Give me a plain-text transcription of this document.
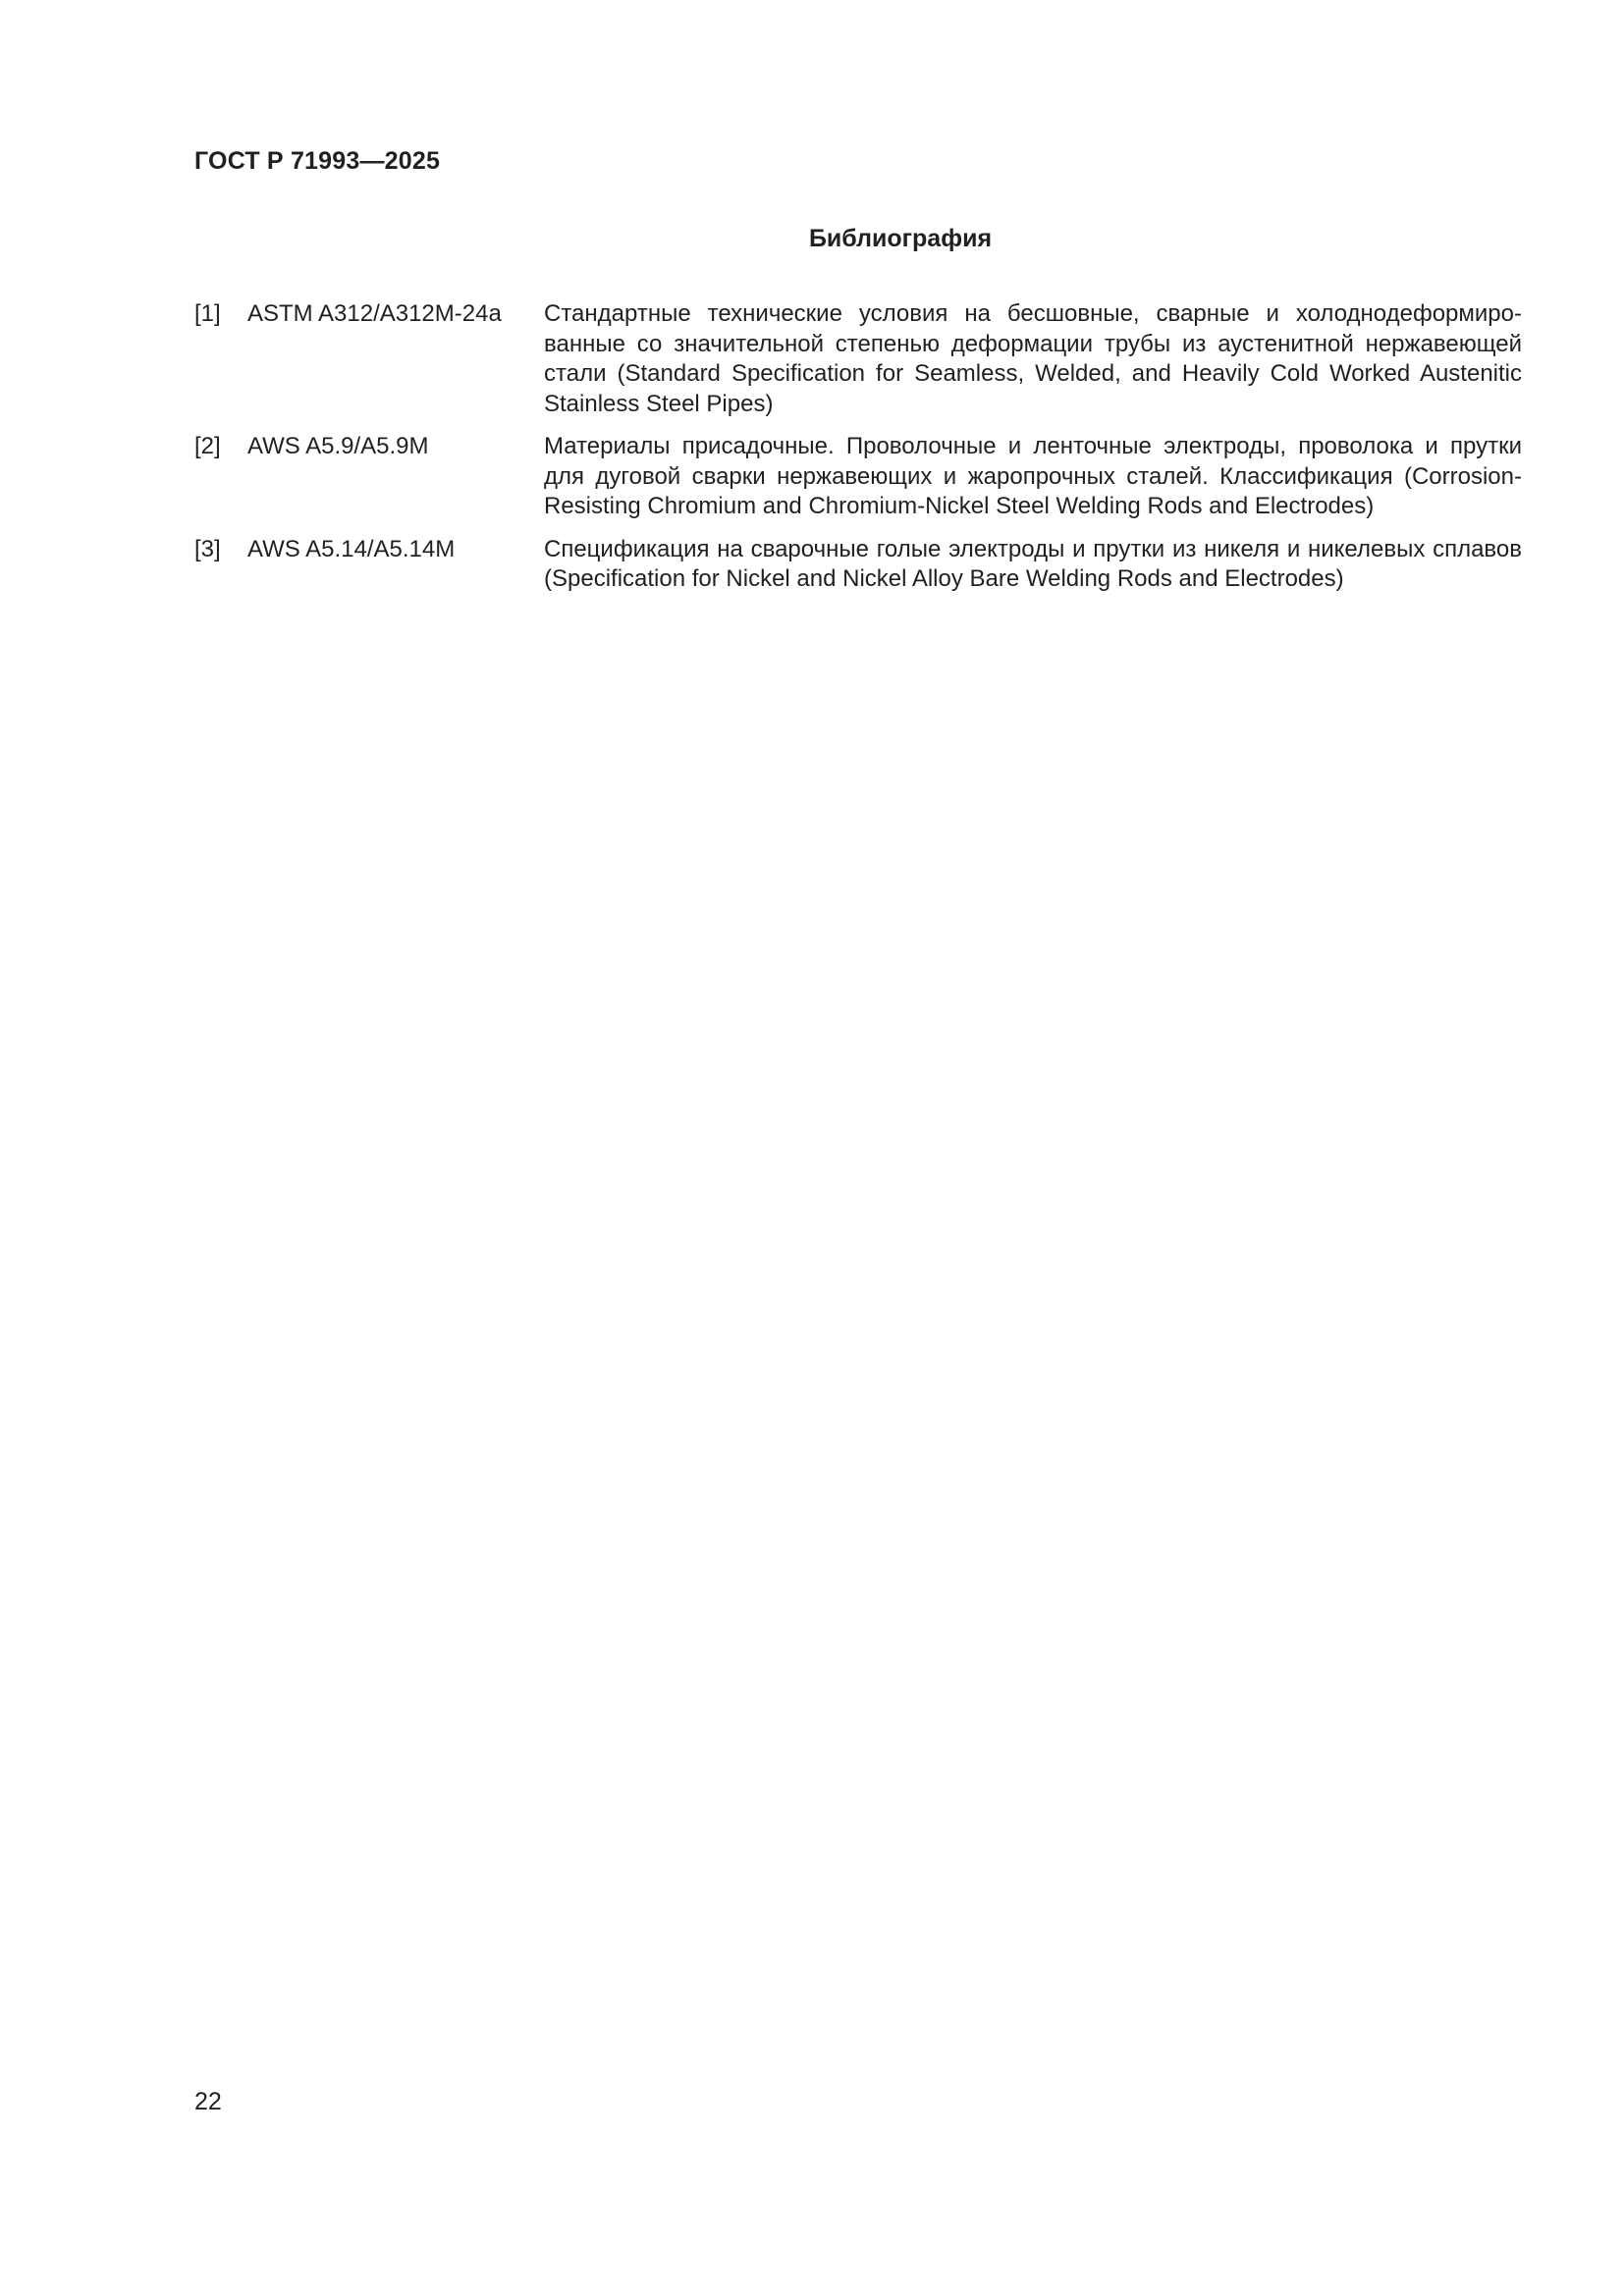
ГОСТ Р 71993—2025

Библиография
[1]	ASTM A312/A312M-24a	Стандартные технические условия на бесшовные, сварные и холоднодеформированные со значительной степенью деформации трубы из аустенитной нержавеющей стали (Standard Specification for Seamless, Welded, and Heavily Cold Worked Austenitic Stainless Steel Pipes)
[2]	AWS A5.9/A5.9M	Материалы присадочные. Проволочные и ленточные электроды, проволока и прутки для дуговой сварки нержавеющих и жаропрочных сталей. Классификация (Corrosion-Resisting Chromium and Chromium-Nickel Steel Welding Rods and Electrodes)
[3]	AWS A5.14/A5.14M	Спецификация на сварочные голые электроды и прутки из никеля и никелевых сплавов (Specification for Nickel and Nickel Alloy Bare Welding Rods and Electrodes)

22
